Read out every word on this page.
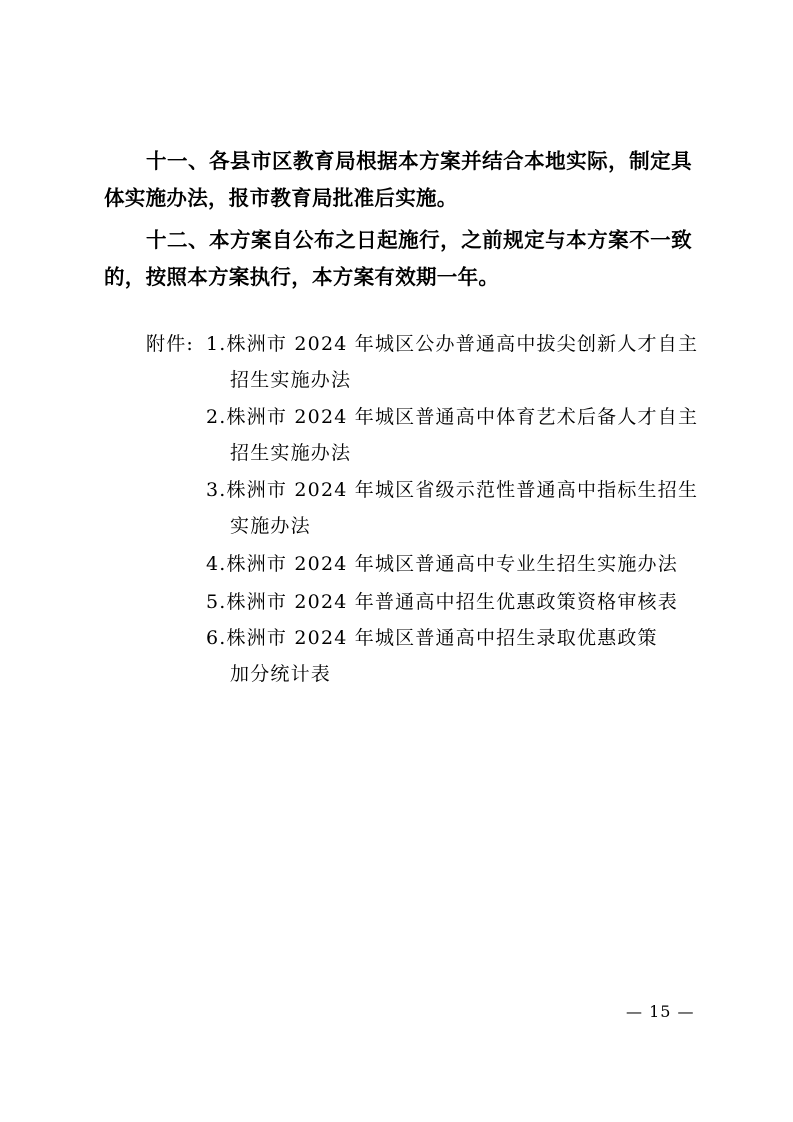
十一、各县市区教育局根据本方案并结合本地实际，制定具体实施办法，报市教育局批准后实施。

十二、本方案自公布之日起施行，之前规定与本方案不一致的，按照本方案执行，本方案有效期一年。

附件: 1.株洲市 2024 年城区公办普通高中拔尖创新人才自主
招生实施办法
2.株洲市 2024 年城区普通高中体育艺术后备人才自主
招生实施办法
3.株洲市 2024 年城区省级示范性普通高中指标生招生
实施办法
4.株洲市 2024 年城区普通高中专业生招生实施办法
5.株洲市 2024 年普通高中招生优惠政策资格审核表
6.株洲市 2024 年城区普通高中招生录取优惠政策
加分统计表
— 15 —
